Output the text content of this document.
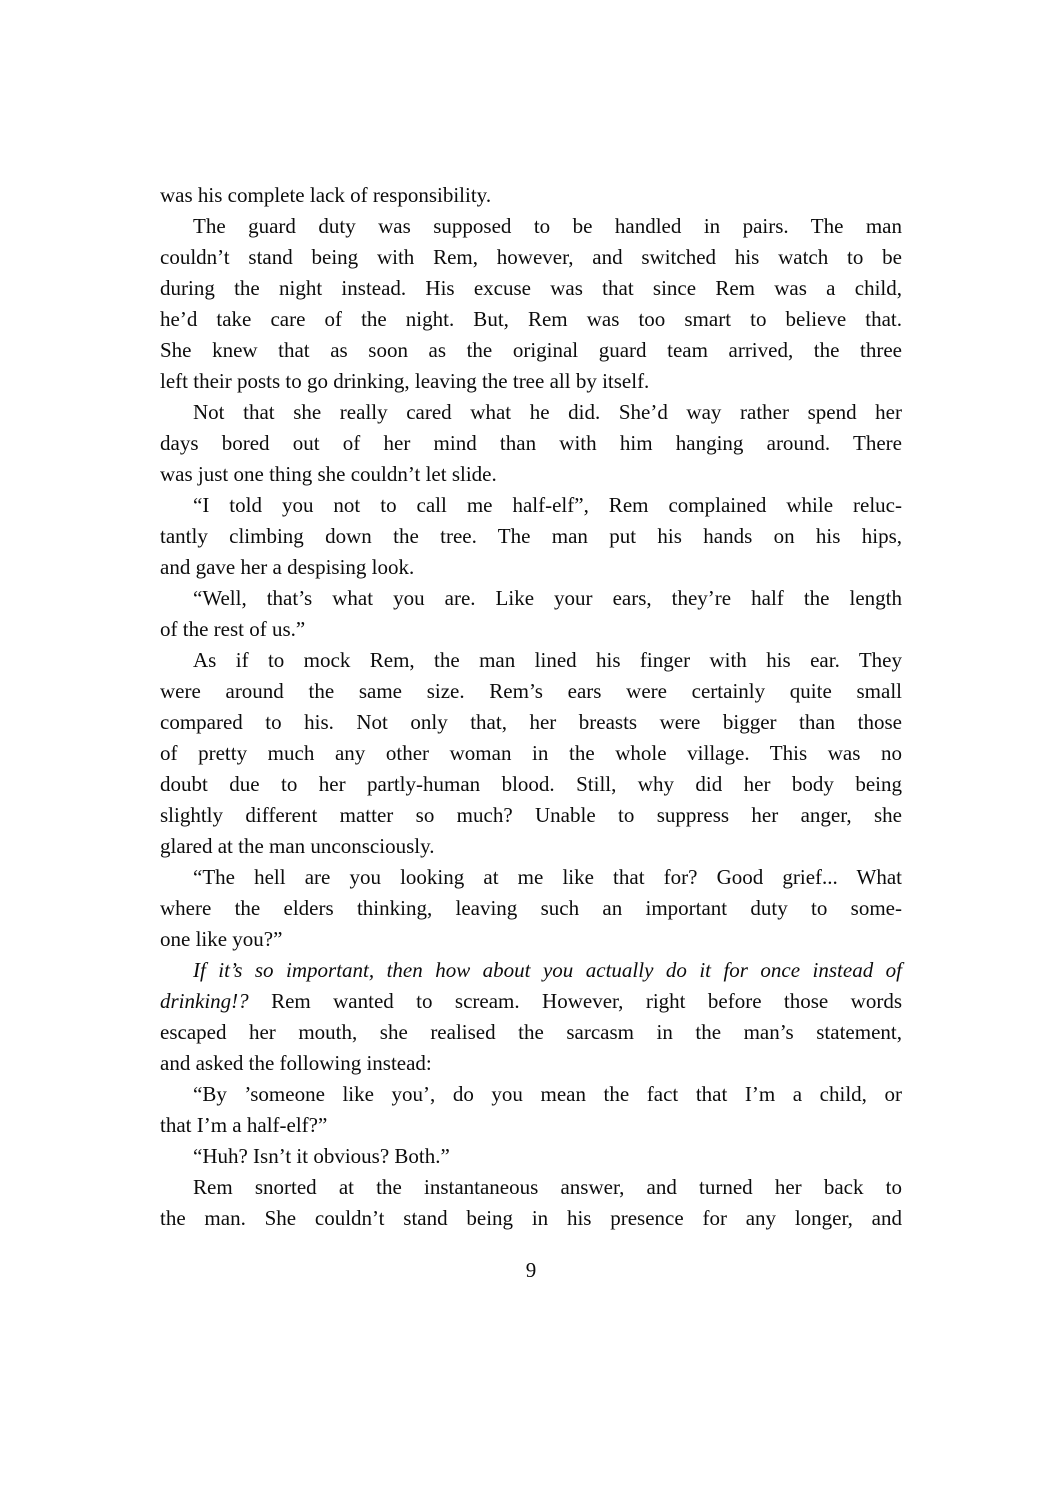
was his complete lack of responsibility.
The guard duty was supposed to be handled in pairs. The man
couldn’t stand being with Rem, however, and switched his watch to be
during the night instead. His excuse was that since Rem was a child,
he’d take care of the night. But, Rem was too smart to believe that.
She knew that as soon as the original guard team arrived, the three
left their posts to go drinking, leaving the tree all by itself.
Not that she really cared what he did. She’d way rather spend her
days bored out of her mind than with him hanging around. There
was just one thing she couldn’t let slide.
“I told you not to call me half-elf”, Rem complained while reluc-
tantly climbing down the tree. The man put his hands on his hips,
and gave her a despising look.
“Well, that’s what you are. Like your ears, they’re half the length
of the rest of us.”
As if to mock Rem, the man lined his finger with his ear. They
were around the same size. Rem’s ears were certainly quite small
compared to his. Not only that, her breasts were bigger than those
of pretty much any other woman in the whole village. This was no
doubt due to her partly-human blood. Still, why did her body being
slightly different matter so much? Unable to suppress her anger, she
glared at the man unconsciously.
“The hell are you looking at me like that for? Good grief... What
where the elders thinking, leaving such an important duty to some-
one like you?”
If it’s so important, then how about you actually do it for once instead of
drinking!? Rem wanted to scream. However, right before those words
escaped her mouth, she realised the sarcasm in the man’s statement,
and asked the following instead:
“By ’someone like you’, do you mean the fact that I’m a child, or
that I’m a half-elf?”
“Huh? Isn’t it obvious? Both.”
Rem snorted at the instantaneous answer, and turned her back to
the man. She couldn’t stand being in his presence for any longer, and
9
